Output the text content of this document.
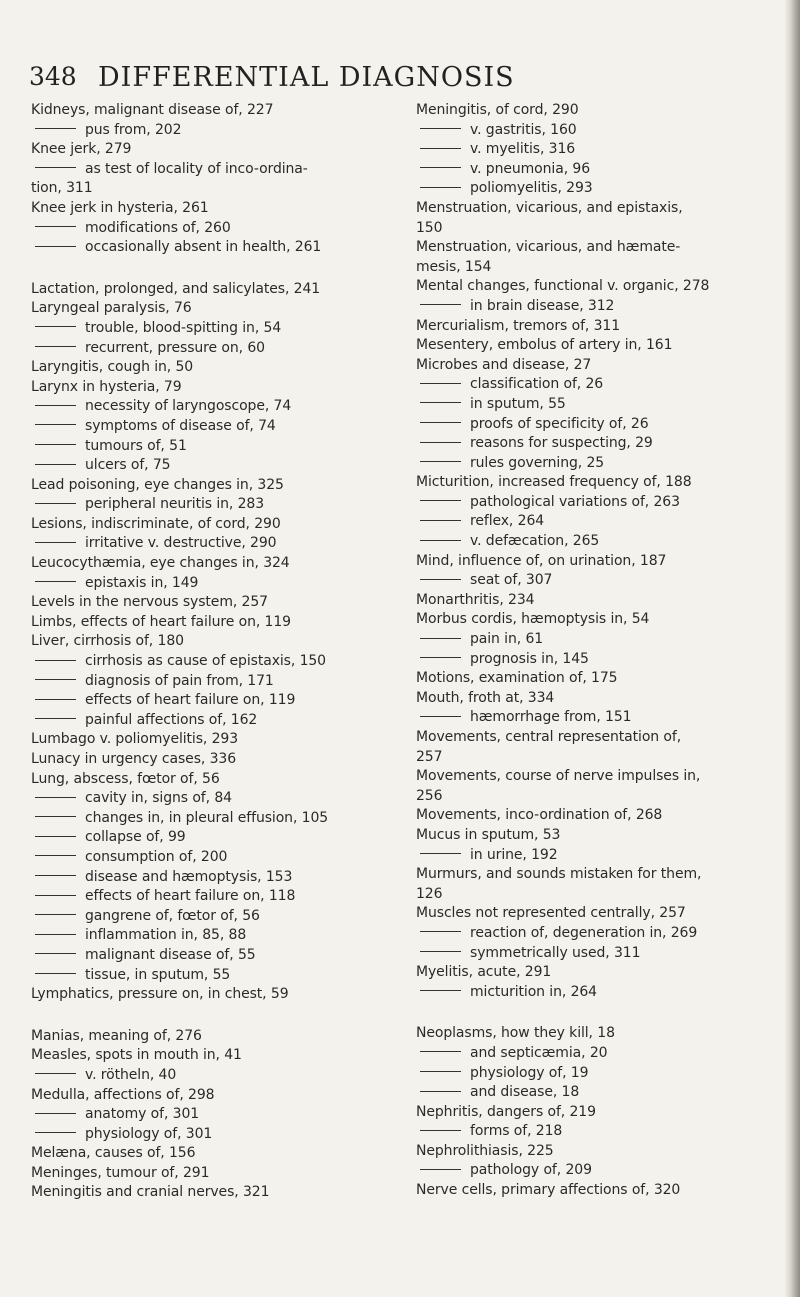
348 DIFFERENTIAL DIAGNOSIS
Kidneys, malignant disease of, 227
pus from, 202
Knee jerk, 279
as test of locality of inco-ordina-
tion, 311
Knee jerk in hysteria, 261
modifications of, 260
occasionally absent in health, 261
Lactation, prolonged, and salicylates, 241
Laryngeal paralysis, 76
trouble, blood-spitting in, 54
recurrent, pressure on, 60
Laryngitis, cough in, 50
Larynx in hysteria, 79
necessity of laryngoscope, 74
symptoms of disease of, 74
tumours of, 51
ulcers of, 75
Lead poisoning, eye changes in, 325
peripheral neuritis in, 283
Lesions, indiscriminate, of cord, 290
irritative v. destructive, 290
Leucocythæmia, eye changes in, 324
epistaxis in, 149
Levels in the nervous system, 257
Limbs, effects of heart failure on, 119
Liver, cirrhosis of, 180
cirrhosis as cause of epistaxis, 150
diagnosis of pain from, 171
effects of heart failure on, 119
painful affections of, 162
Lumbago v. poliomyelitis, 293
Lunacy in urgency cases, 336
Lung, abscess, fœtor of, 56
cavity in, signs of, 84
changes in, in pleural effusion, 105
collapse of, 99
consumption of, 200
disease and hæmoptysis, 153
effects of heart failure on, 118
gangrene of, fœtor of, 56
inflammation in, 85, 88
malignant disease of, 55
tissue, in sputum, 55
Lymphatics, pressure on, in chest, 59
Manias, meaning of, 276
Measles, spots in mouth in, 41
v. rötheln, 40
Medulla, affections of, 298
anatomy of, 301
physiology of, 301
Melæna, causes of, 156
Meninges, tumour of, 291
Meningitis and cranial nerves, 321
Meningitis, of cord, 290
v. gastritis, 160
v. myelitis, 316
v. pneumonia, 96
poliomyelitis, 293
Menstruation, vicarious, and epistaxis,
150
Menstruation, vicarious, and hæmate-
mesis, 154
Mental changes, functional v. organic, 278
in brain disease, 312
Mercurialism, tremors of, 311
Mesentery, embolus of artery in, 161
Microbes and disease, 27
classification of, 26
in sputum, 55
proofs of specificity of, 26
reasons for suspecting, 29
rules governing, 25
Micturition, increased frequency of, 188
pathological variations of, 263
reflex, 264
v. defæcation, 265
Mind, influence of, on urination, 187
seat of, 307
Monarthritis, 234
Morbus cordis, hæmoptysis in, 54
pain in, 61
prognosis in, 145
Motions, examination of, 175
Mouth, froth at, 334
hæmorrhage from, 151
Movements, central representation of,
257
Movements, course of nerve impulses in,
256
Movements, inco-ordination of, 268
Mucus in sputum, 53
in urine, 192
Murmurs, and sounds mistaken for them,
126
Muscles not represented centrally, 257
reaction of, degeneration in, 269
symmetrically used, 311
Myelitis, acute, 291
micturition in, 264
Neoplasms, how they kill, 18
and septicæmia, 20
physiology of, 19
and disease, 18
Nephritis, dangers of, 219
forms of, 218
Nephrolithiasis, 225
pathology of, 209
Nerve cells, primary affections of, 320
